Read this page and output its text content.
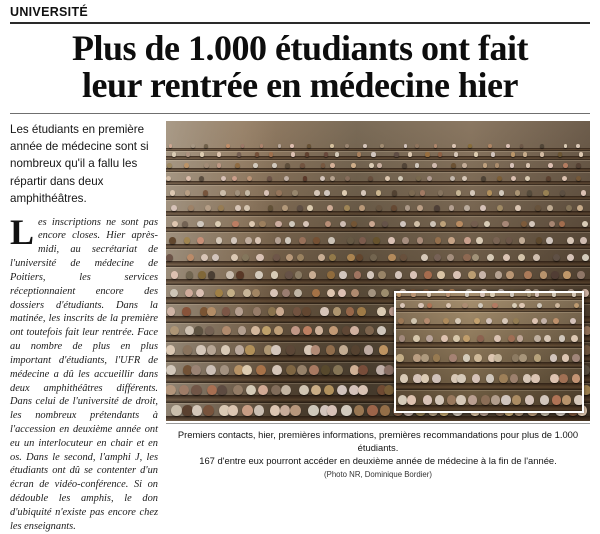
UNIVERSITÉ
Plus de 1.000 étudiants ont fait
leur rentrée en médecine hier
Les étudiants en première année de médecine sont si nombreux qu'il a fallu les répartir dans deux amphithéâtres.
Les inscriptions ne sont pas encore closes. Hier après-midi, au secrétariat de l'université de médecine de Poitiers, les services réceptionnaient encore des dossiers d'étudiants. Dans la matinée, les inscrits de la première ont toutefois fait leur rentrée. Face au nombre de plus en plus important d'étudiants, l'UFR de médecine a dû les accueillir dans deux amphithéâtres différents. Dans celui de l'université de droit, les nombreux prétendants à l'accession en deuxième année ont eu un interlocuteur en chair et en os. Dans le second, l'amphi J, les étudiants ont dû se contenter d'un écran de vidéo-conférence. Si on dédouble les amphis, le don d'ubiquité n'existe pas encore chez les enseignants.
Premiers contacts, hier, premières informations, premières recommandations pour plus de 1.000 étudiants.
167 d'entre eux pourront accéder en deuxième année de médecine à la fin de l'année.
(Photo NR, Dominique Bordier)
